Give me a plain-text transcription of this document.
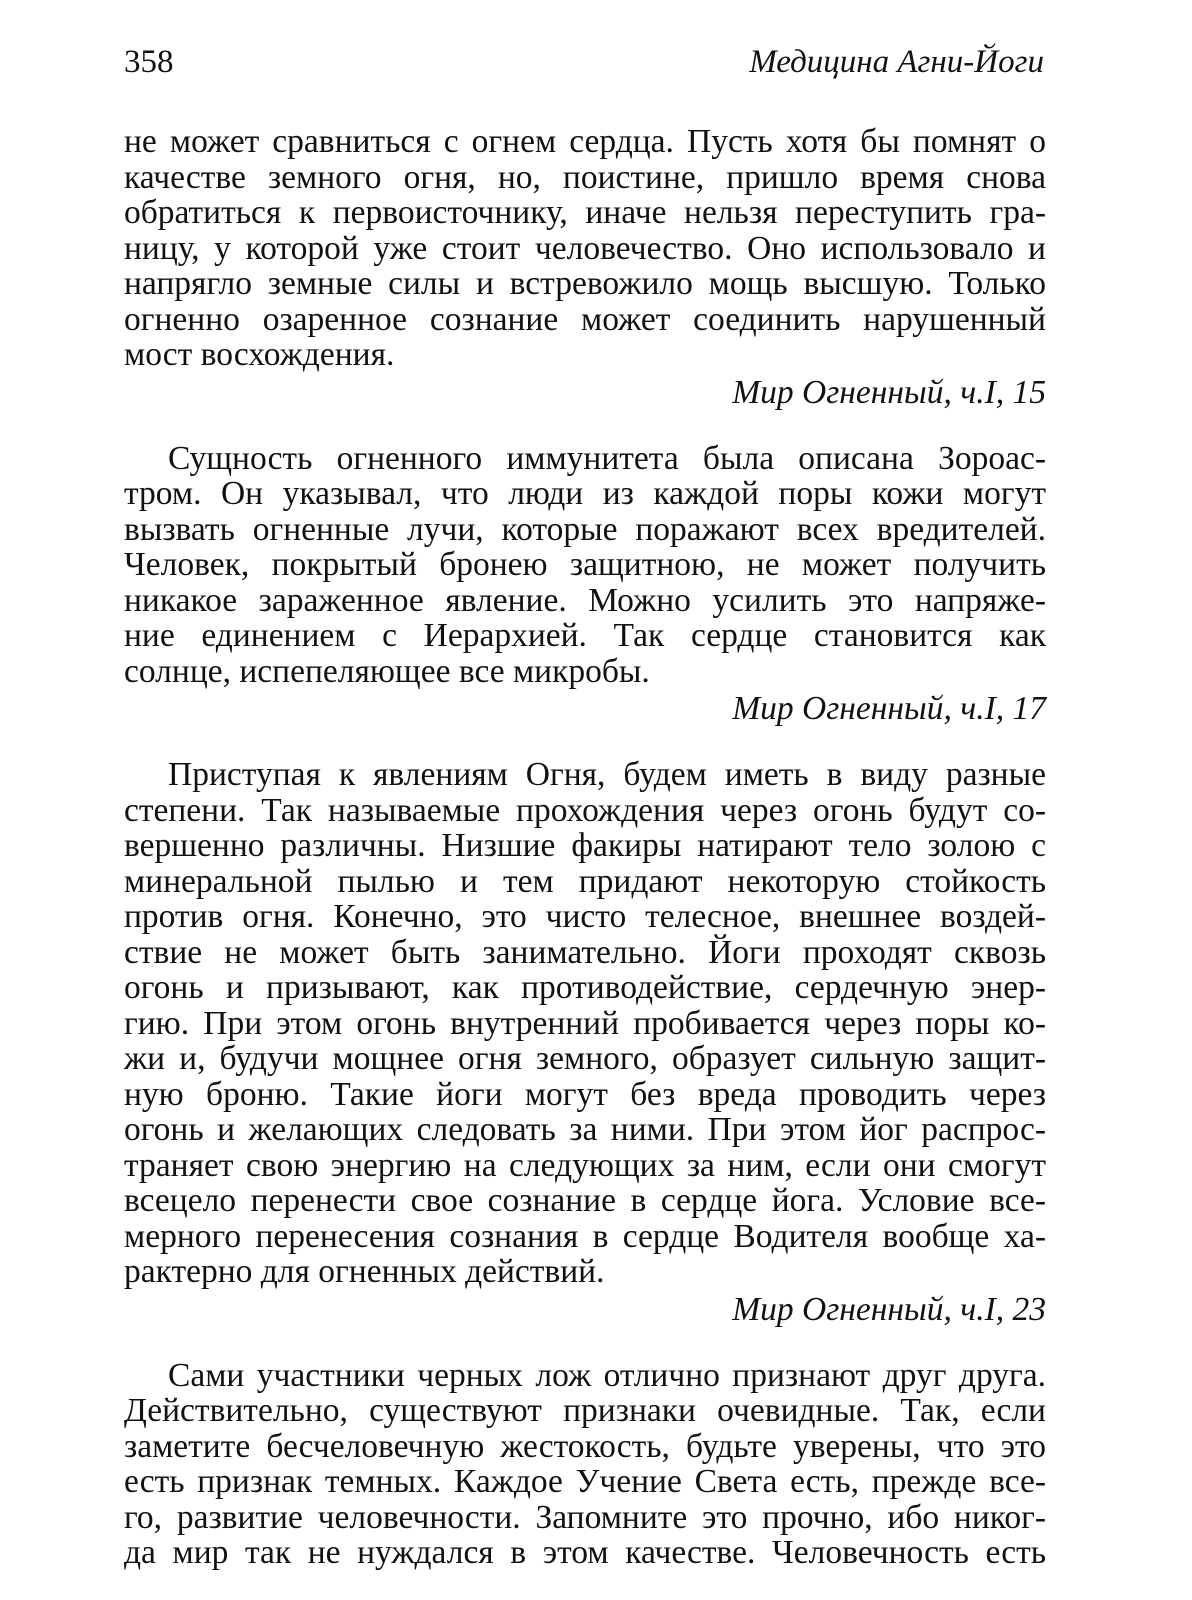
358	Медицина Агни-Йоги
не может сравниться с огнем сердца. Пусть хотя бы помнят о
качестве земного огня, но, поистине, пришло время снова
обратиться к первоисточнику, иначе нельзя переступить гра-
ницу, у которой уже стоит человечество. Оно использовало и
напрягло земные силы и встревожило мощь высшую. Только
огненно озаренное сознание может соединить нарушенный
мост восхождения.
Мир Огненный, ч.I, 15
Сущность огненного иммунитета была описана Зороас-
тром. Он указывал, что люди из каждой поры кожи могут
вызвать огненные лучи, которые поражают всех вредителей.
Человек, покрытый бронею защитною, не может получить
никакое зараженное явление. Можно усилить это напряже-
ние единением с Иерархией. Так сердце становится как
солнце, испепеляющее все микробы.
Мир Огненный, ч.I, 17
Приступая к явлениям Огня, будем иметь в виду разные
степени. Так называемые прохождения через огонь будут со-
вершенно различны. Низшие факиры натирают тело золою с
минеральной пылью и тем придают некоторую стойкость
против огня. Конечно, это чисто телесное, внешнее воздей-
ствие не может быть занимательно. Йоги проходят сквозь
огонь и призывают, как противодействие, сердечную энер-
гию. При этом огонь внутренний пробивается через поры ко-
жи и, будучи мощнее огня земного, образует сильную защит-
ную броню. Такие йоги могут без вреда проводить через
огонь и желающих следовать за ними. При этом йог распрос-
траняет свою энергию на следующих за ним, если они смогут
всецело перенести свое сознание в сердце йога. Условие все-
мерного перенесения сознания в сердце Водителя вообще ха-
рактерно для огненных действий.
Мир Огненный, ч.I, 23
Сами участники черных лож отлично признают друг друга.
Действительно, существуют признаки очевидные. Так, если
заметите бесчеловечную жестокость, будьте уверены, что это
есть признак темных. Каждое Учение Света есть, прежде все-
го, развитие человечности. Запомните это прочно, ибо никог-
да мир так не нуждался в этом качестве. Человечность есть
